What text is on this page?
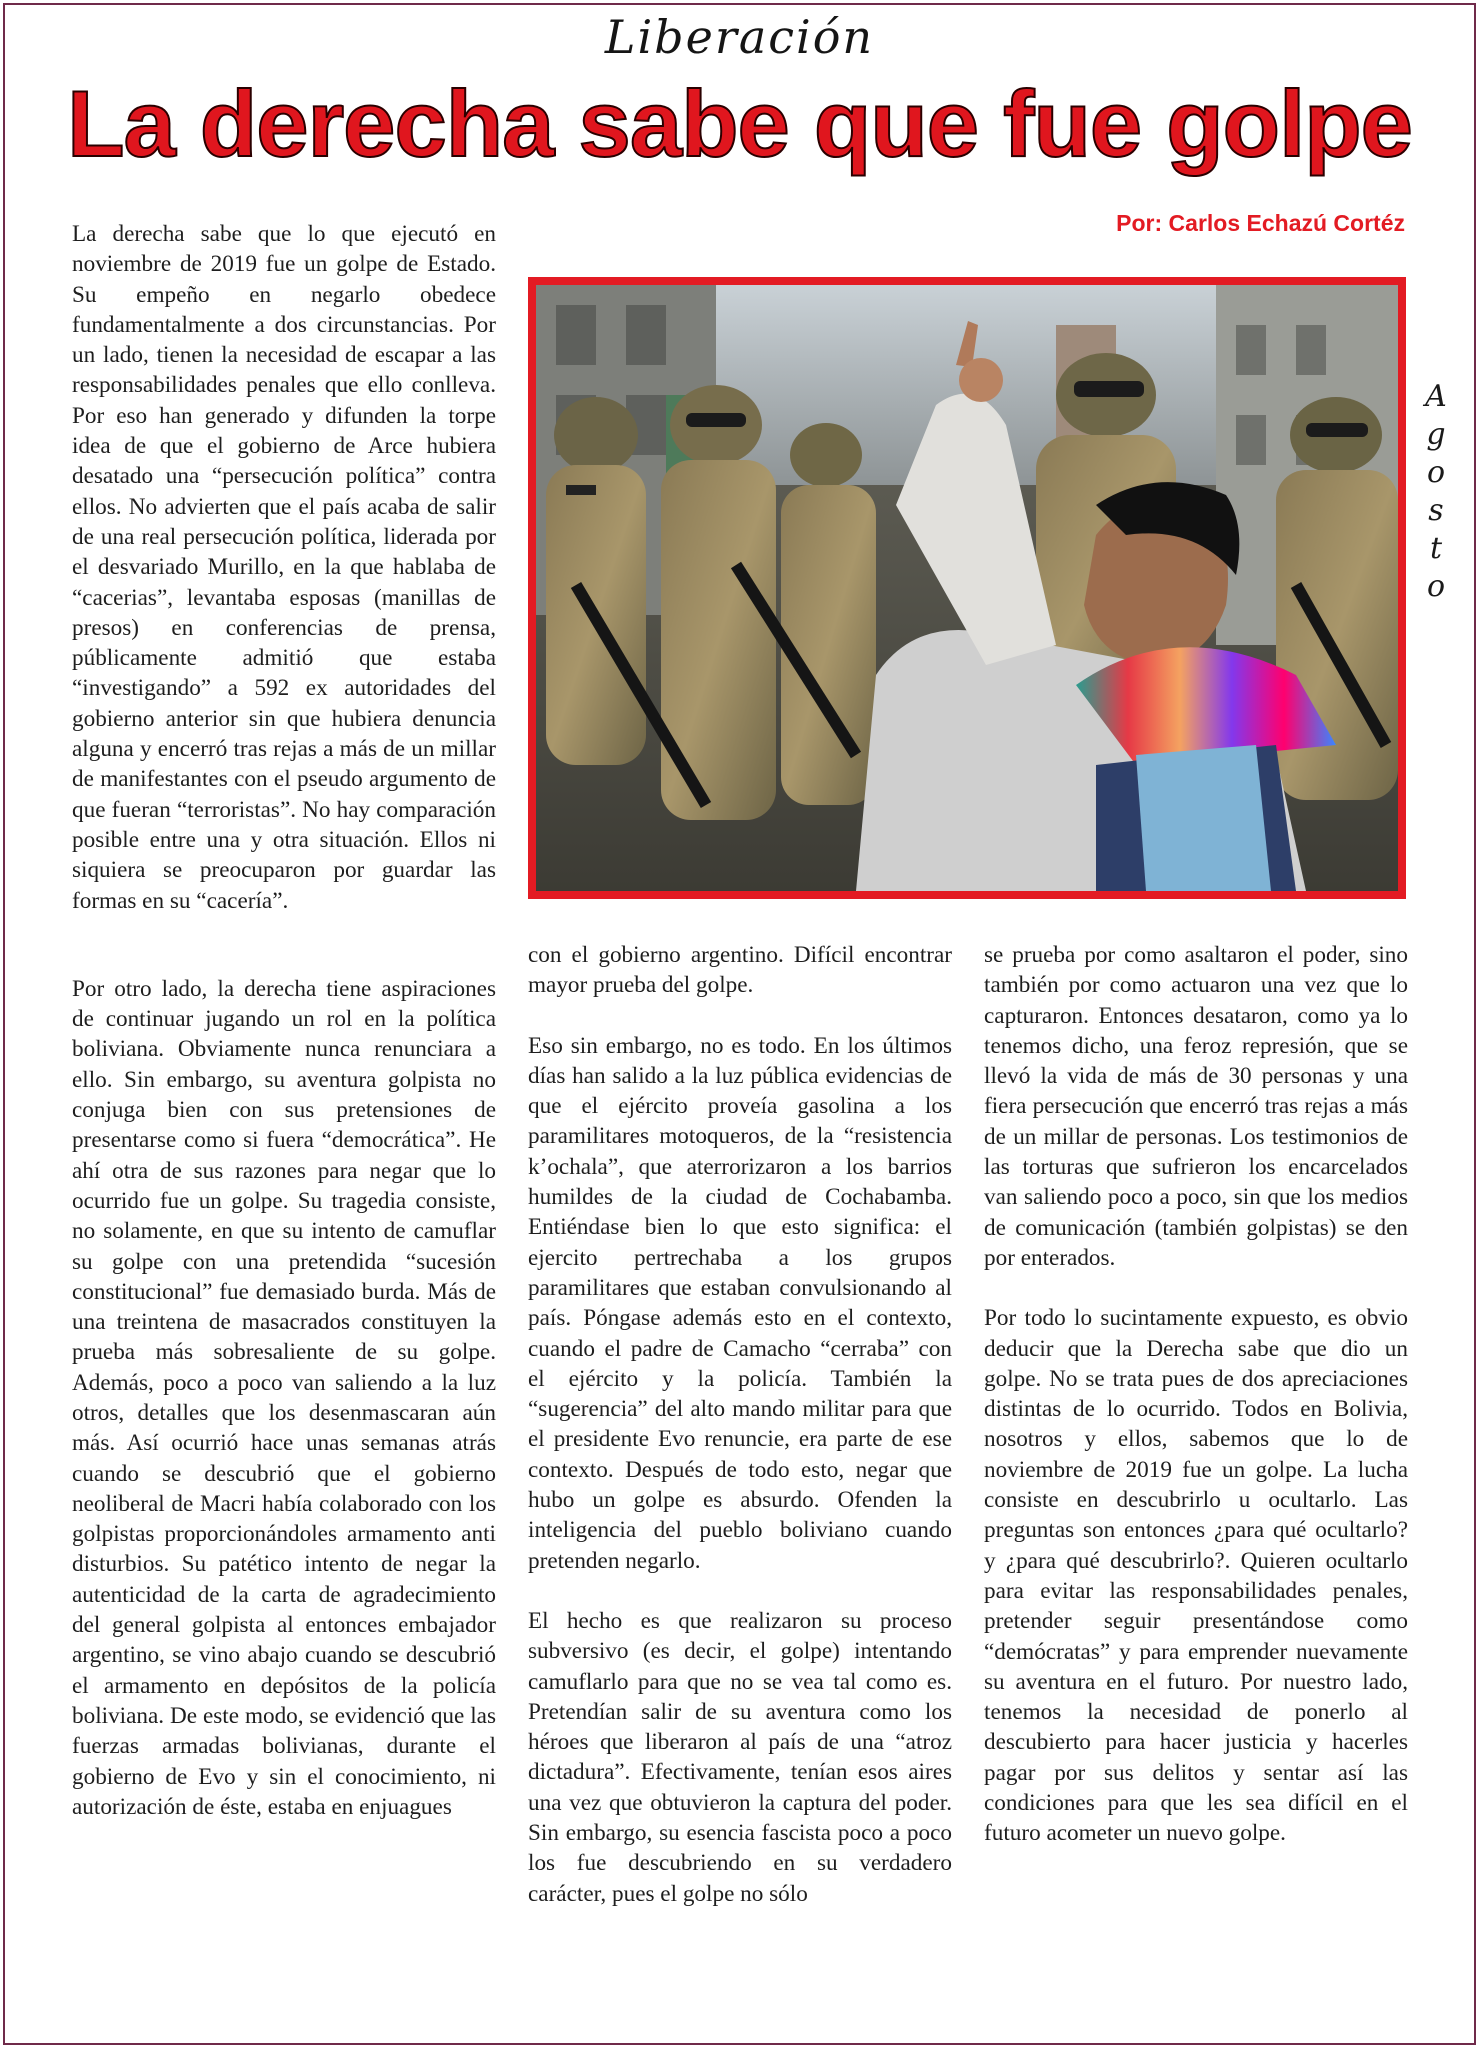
Liberación
La derecha sabe que fue golpe
Por: Carlos Echazú Cortéz
A
g
o
s
t
o

La derecha sabe que lo que ejecutó en noviembre de 2019 fue un golpe de Estado. Su empeño en negarlo obedece fundamentalmente a dos circunstancias. Por un lado, tienen la necesidad de escapar a las responsabilidades penales que ello conlleva. Por eso han generado y difunden la torpe idea de que el gobierno de Arce hubiera desatado una “persecución política” contra ellos. No advierten que el país acaba de salir de una real persecución política, liderada por el desvariado Murillo, en la que hablaba de “cacerias”, levantaba esposas (manillas de presos) en conferencias de prensa, públicamente admitió que estaba “investigando” a 592 ex autoridades del gobierno anterior sin que hubiera denuncia alguna y encerró tras rejas a más de un millar de manifestantes con el pseudo argumento de que fueran “terroristas”. No hay comparación posible entre una y otra situación. Ellos ni siquiera se preocuparon por guardar las formas en su “cacería”.

Por otro lado, la derecha tiene aspiraciones de continuar jugando un rol en la política boliviana. Obviamente nunca renunciara a ello. Sin embargo, su aventura golpista no conjuga bien con sus pretensiones de presentarse como si fuera “democrática”. He ahí otra de sus razones para negar que lo ocurrido fue un golpe. Su tragedia consiste, no solamente, en que su intento de camuflar su golpe con una pretendida “sucesión constitucional” fue demasiado burda. Más de una treintena de masacrados constituyen la prueba más sobresaliente de su golpe. Además, poco a poco van saliendo a la luz otros, detalles que los desenmascaran aún más. Así ocurrió hace unas semanas atrás cuando se descubrió que el gobierno neoliberal de Macri había colaborado con los golpistas proporcionándoles armamento anti disturbios. Su patético intento de negar la autenticidad de la carta de agradecimiento del general golpista al entonces embajador argentino, se vino abajo cuando se descubrió el armamento en depósitos de la policía boliviana. De este modo, se evidenció que las fuerzas armadas bolivianas, durante el gobierno de Evo y sin el conocimiento, ni autorización de éste, estaba en enjuagues

con el gobierno argentino. Difícil encontrar mayor prueba del golpe.

Eso sin embargo, no es todo. En los últimos días han salido a la luz pública evidencias de que el ejército proveía gasolina a los paramilitares motoqueros, de la “resistencia k’ochala”, que aterrorizaron a los barrios humildes de la ciudad de Cochabamba. Entiéndase bien lo que esto significa: el ejercito pertrechaba a los grupos paramilitares que estaban convulsionando al país. Póngase además esto en el contexto, cuando el padre de Camacho “cerraba” con el ejército y la policía. También la “sugerencia” del alto mando militar para que el presidente Evo renuncie, era parte de ese contexto. Después de todo esto, negar que hubo un golpe es absurdo. Ofenden la inteligencia del pueblo boliviano cuando pretenden negarlo.

El hecho es que realizaron su proceso subversivo (es decir, el golpe) intentando camuflarlo para que no se vea tal como es. Pretendían salir de su aventura como los héroes que liberaron al país de una “atroz dictadura”. Efectivamente, tenían esos aires una vez que obtuvieron la captura del poder. Sin embargo, su esencia fascista poco a poco los fue descubriendo en su verdadero carácter, pues el golpe no sólo

se prueba por como asaltaron el poder, sino también por como actuaron una vez que lo capturaron. Entonces desataron, como ya lo tenemos dicho, una feroz represión, que se llevó la vida de más de 30 personas y una fiera persecución que encerró tras rejas a más de un millar de personas. Los testimonios de las torturas que sufrieron los encarcelados van saliendo poco a poco, sin que los medios de comunicación (también golpistas) se den por enterados.

Por todo lo sucintamente expuesto, es obvio deducir que la Derecha sabe que dio un golpe. No se trata pues de dos apreciaciones distintas de lo ocurrido. Todos en Bolivia, nosotros y ellos, sabemos que lo de noviembre de 2019 fue un golpe. La lucha consiste en descubrirlo u ocultarlo. Las preguntas son entonces ¿para qué ocultarlo? y ¿para qué descubrirlo?. Quieren ocultarlo para evitar las responsabilidades penales, pretender seguir presentándose como “demócratas” y para emprender nuevamente su aventura en el futuro. Por nuestro lado, tenemos la necesidad de ponerlo al descubierto para hacer justicia y hacerles pagar por sus delitos y sentar así las condiciones para que les sea difícil en el futuro acometer un nuevo golpe.
